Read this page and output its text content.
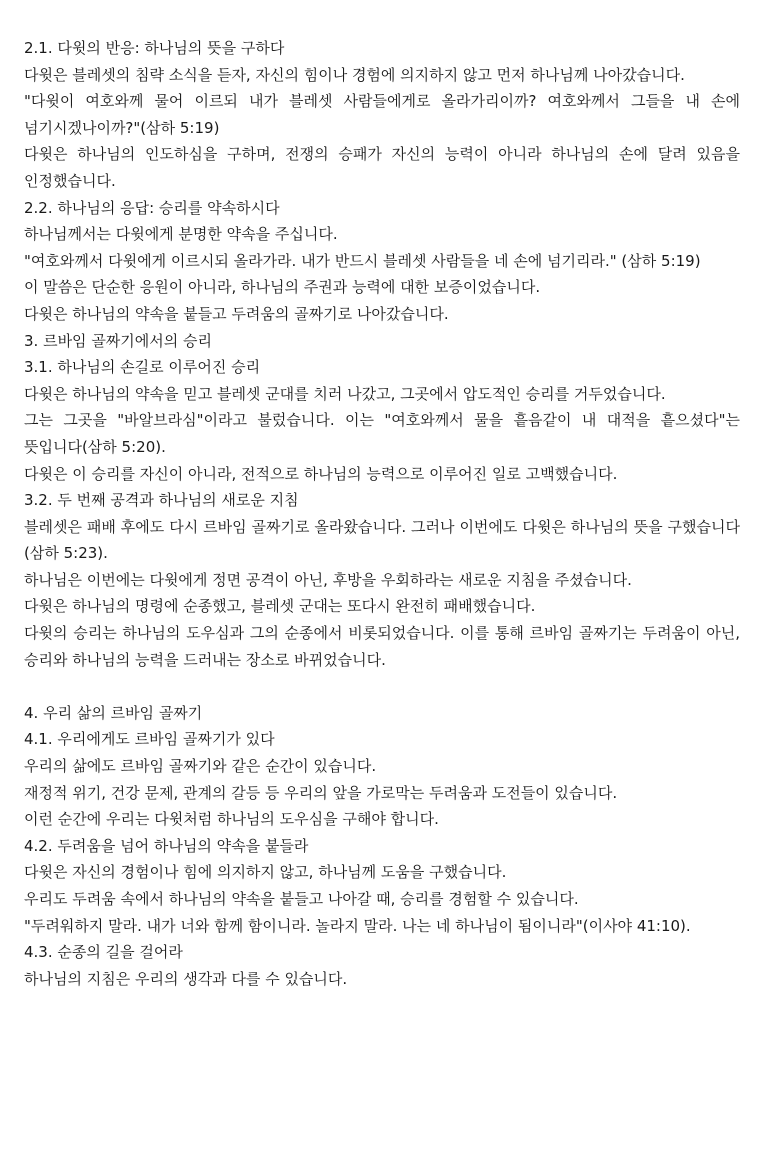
2.1. 다윗의 반응: 하나님의 뜻을 구하다

다윗은 블레셋의 침략 소식을 듣자, 자신의 힘이나 경험에 의지하지 않고 먼저 하나님께 나아갔습니다.

"다윗이 여호와께 물어 이르되 내가 블레셋 사람들에게로 올라가리이까? 여호와께서 그들을 내 손에 넘기시겠나이까?"(삼하 5:19)

다윗은 하나님의 인도하심을 구하며, 전쟁의 승패가 자신의 능력이 아니라 하나님의 손에 달려 있음을 인정했습니다.

2.2. 하나님의 응답: 승리를 약속하시다

하나님께서는 다윗에게 분명한 약속을 주십니다.

"여호와께서 다윗에게 이르시되 올라가라. 내가 반드시 블레셋 사람들을 네 손에 넘기리라." (삼하 5:19)

이 말씀은 단순한 응원이 아니라, 하나님의 주권과 능력에 대한 보증이었습니다.

다윗은 하나님의 약속을 붙들고 두려움의 골짜기로 나아갔습니다.

3. 르바임 골짜기에서의 승리

3.1. 하나님의 손길로 이루어진 승리

다윗은 하나님의 약속을 믿고 블레셋 군대를 치러 나갔고, 그곳에서 압도적인 승리를 거두었습니다.

그는 그곳을 "바알브라심"이라고 불렀습니다. 이는 "여호와께서 물을 흩음같이 내 대적을 흩으셨다"는 뜻입니다(삼하 5:20).

다윗은 이 승리를 자신이 아니라, 전적으로 하나님의 능력으로 이루어진 일로 고백했습니다.

3.2. 두 번째 공격과 하나님의 새로운 지침

블레셋은 패배 후에도 다시 르바임 골짜기로 올라왔습니다. 그러나 이번에도 다윗은 하나님의 뜻을 구했습니다(삼하 5:23).

하나님은 이번에는 다윗에게 정면 공격이 아닌, 후방을 우회하라는 새로운 지침을 주셨습니다.

다윗은 하나님의 명령에 순종했고, 블레셋 군대는 또다시 완전히 패배했습니다.

다윗의 승리는 하나님의 도우심과 그의 순종에서 비롯되었습니다. 이를 통해 르바임 골짜기는 두려움이 아닌, 승리와 하나님의 능력을 드러내는 장소로 바뀌었습니다.

4. 우리 삶의 르바임 골짜기

4.1. 우리에게도 르바임 골짜기가 있다

우리의 삶에도 르바임 골짜기와 같은 순간이 있습니다.

재정적 위기, 건강 문제, 관계의 갈등 등 우리의 앞을 가로막는 두려움과 도전들이 있습니다.

이런 순간에 우리는 다윗처럼 하나님의 도우심을 구해야 합니다.

4.2. 두려움을 넘어 하나님의 약속을 붙들라

다윗은 자신의 경험이나 힘에 의지하지 않고, 하나님께 도움을 구했습니다.

우리도 두려움 속에서 하나님의 약속을 붙들고 나아갈 때, 승리를 경험할 수 있습니다.

"두려워하지 말라. 내가 너와 함께 함이니라. 놀라지 말라. 나는 네 하나님이 됨이니라"(이사야 41:10).

4.3. 순종의 길을 걸어라

하나님의 지침은 우리의 생각과 다를 수 있습니다.
